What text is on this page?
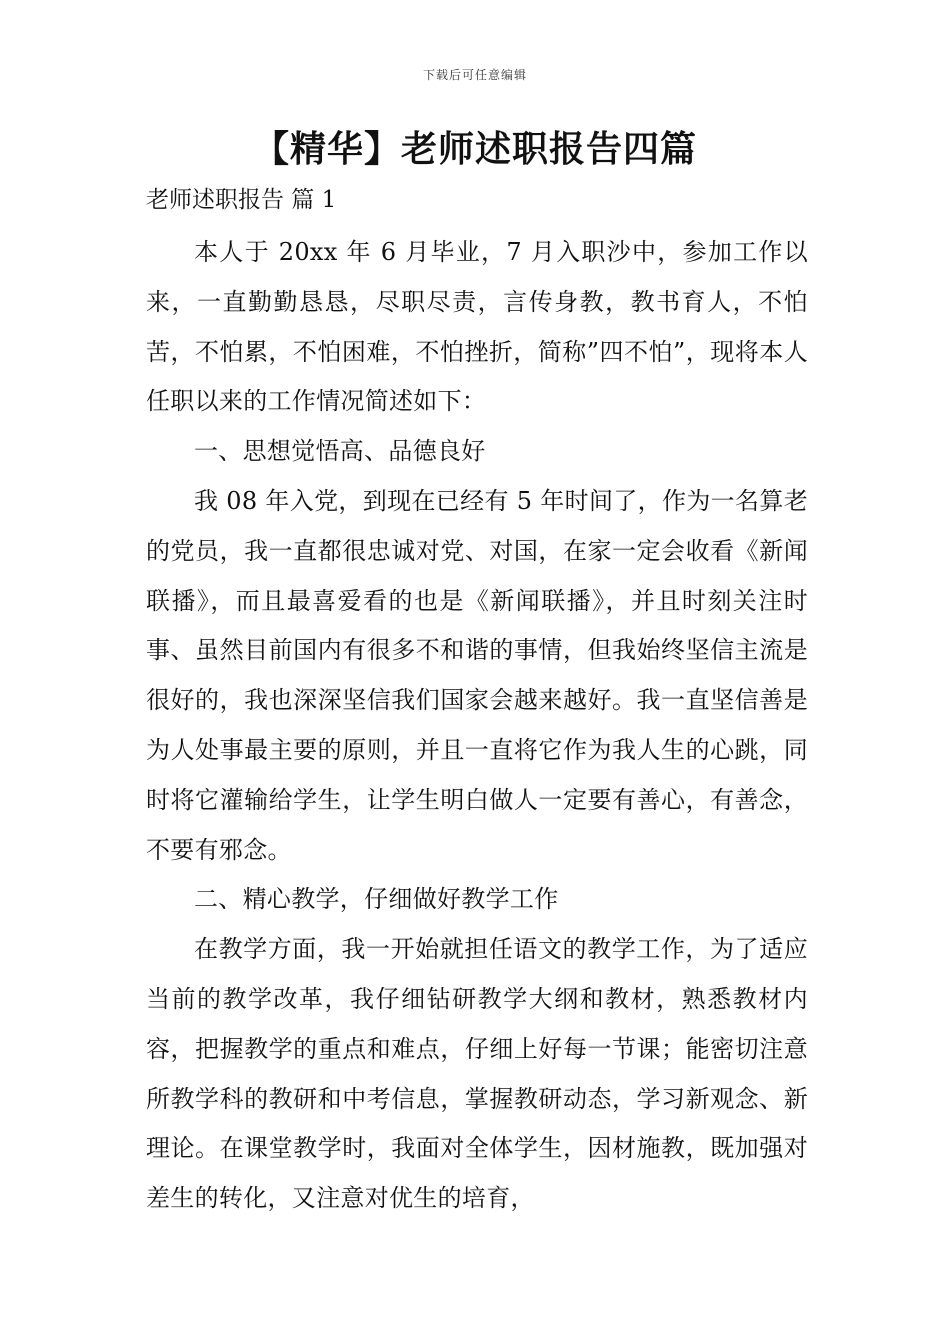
下载后可任意编辑
【精华】老师述职报告四篇
老师述职报告 篇 1

本人于 20xx 年 6 月毕业，7 月入职沙中，参加工作以来，一直勤勤恳恳，尽职尽责，言传身教，教书育人，不怕苦，不怕累，不怕困难，不怕挫折，简称”四不怕”，现将本人任职以来的工作情况简述如下：

一、思想觉悟高、品德良好

我 08 年入党，到现在已经有 5 年时间了，作为一名算老的党员，我一直都很忠诚对党、对国，在家一定会收看《新闻联播》，而且最喜爱看的也是《新闻联播》，并且时刻关注时事、虽然目前国内有很多不和谐的事情，但我始终坚信主流是很好的，我也深深坚信我们国家会越来越好。我一直坚信善是为人处事最主要的原则，并且一直将它作为我人生的心跳，同时将它灌输给学生，让学生明白做人一定要有善心，有善念，不要有邪念。

二、精心教学，仔细做好教学工作

在教学方面，我一开始就担任语文的教学工作，为了适应当前的教学改革，我仔细钻研教学大纲和教材，熟悉教材内容，把握教学的重点和难点，仔细上好每一节课；能密切注意所教学科的教研和中考信息，掌握教研动态，学习新观念、新理论。在课堂教学时，我面对全体学生，因材施教，既加强对差生的转化，又注意对优生的培育，
